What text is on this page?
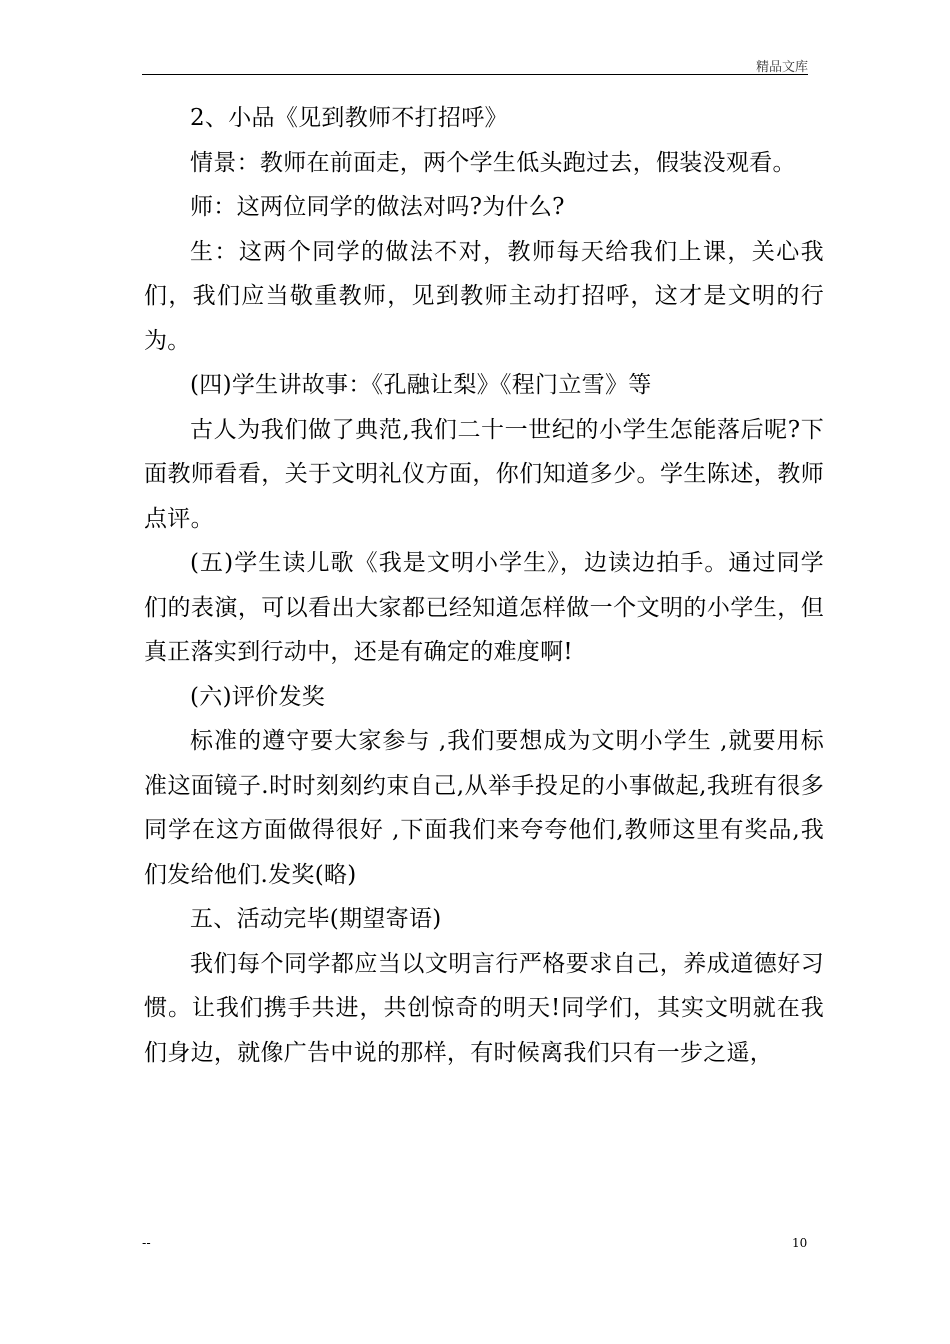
精品文库

2、小品《见到教师不打招呼》

情景：教师在前面走，两个学生低头跑过去，假装没观看。

师：这两位同学的做法对吗?为什么?

生：这两个同学的做法不对，教师每天给我们上课，关心我们，我们应当敬重教师，见到教师主动打招呼，这才是文明的行为。

(四)学生讲故事：《孔融让梨》《程门立雪》等

古人为我们做了典范,我们二十一世纪的小学生怎能落后呢?下面教师看看，关于文明礼仪方面，你们知道多少。学生陈述，教师点评。

(五)学生读儿歌《我是文明小学生》，边读边拍手。通过同学们的表演，可以看出大家都已经知道怎样做一个文明的小学生，但真正落实到行动中，还是有确定的难度啊!

(六)评价发奖

标准的遵守要大家参与 ,我们要想成为文明小学生 ,就要用标准这面镜子.时时刻刻约束自己,从举手投足的小事做起,我班有很多同学在这方面做得很好 ,下面我们来夸夸他们,教师这里有奖品,我们发给他们.发奖(略)

五、活动完毕(期望寄语)

我们每个同学都应当以文明言行严格要求自己，养成道德好习惯。让我们携手共进，共创惊奇的明天!同学们，其实文明就在我们身边，就像广告中说的那样，有时候离我们只有一步之遥，

--	10
